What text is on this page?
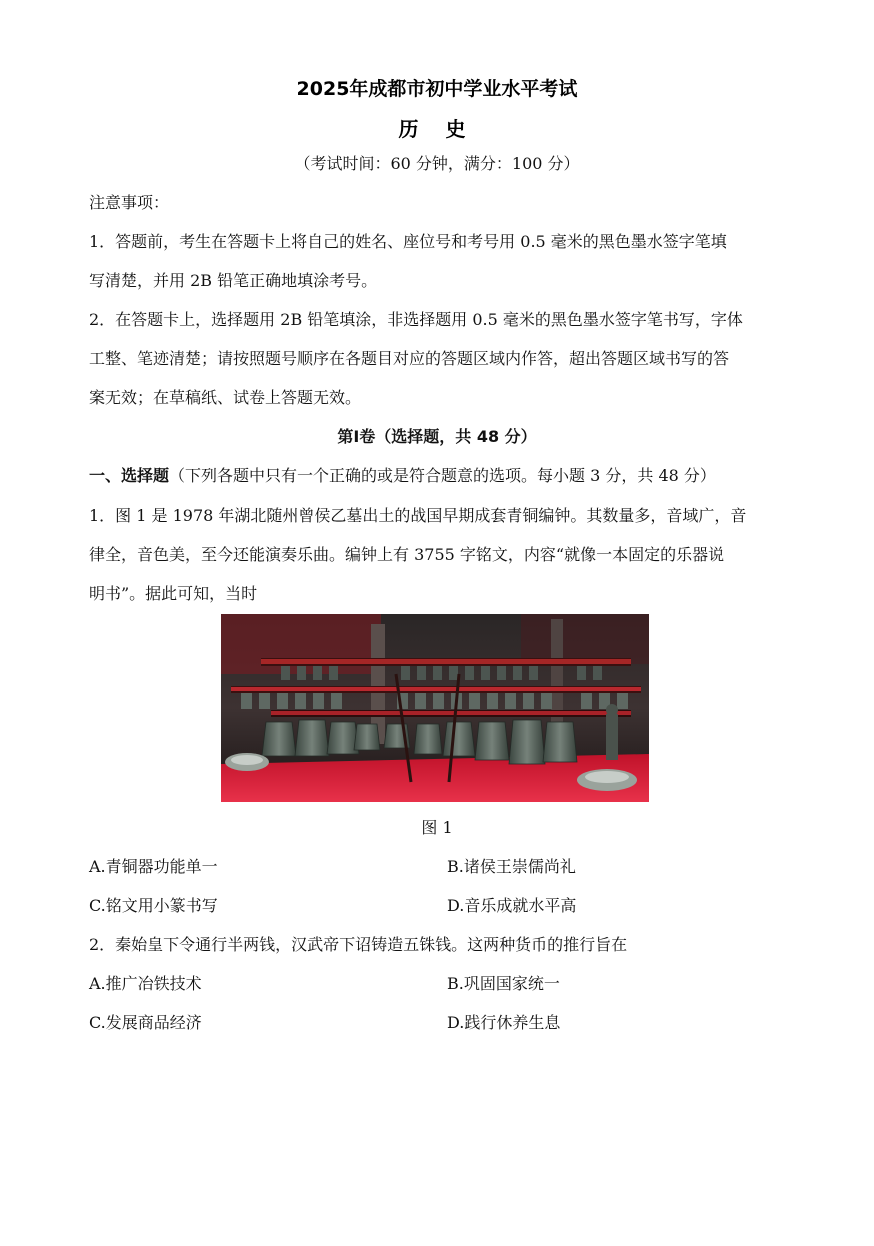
2025年成都市初中学业水平考试
历 史
（考试时间：60 分钟，满分：100 分）
注意事项：
1．答题前，考生在答题卡上将自己的姓名、座位号和考号用 0.5 毫米的黑色墨水签字笔填
写清楚，并用 2B 铅笔正确地填涂考号。
2．在答题卡上，选择题用 2B 铅笔填涂，非选择题用 0.5 毫米的黑色墨水签字笔书写，字体
工整、笔迹清楚；请按照题号顺序在各题目对应的答题区域内作答，超出答题区域书写的答
案无效；在草稿纸、试卷上答题无效。
第Ⅰ卷（选择题，共 48 分）
一、选择题（下列各题中只有一个正确的或是符合题意的选项。每小题 3 分，共 48 分）
1．图 1 是 1978 年湖北随州曾侯乙墓出土的战国早期成套青铜编钟。其数量多，音域广，音
律全，音色美，至今还能演奏乐曲。编钟上有 3755 字铭文，内容“就像一本固定的乐器说
明书”。据此可知，当时
图 1
A.青铜器功能单一	B.诸侯王崇儒尚礼
C.铭文用小篆书写	D.音乐成就水平高
2．秦始皇下令通行半两钱，汉武帝下诏铸造五铢钱。这两种货币的推行旨在
A.推广冶铁技术	B.巩固国家统一
C.发展商品经济	D.践行休养生息
